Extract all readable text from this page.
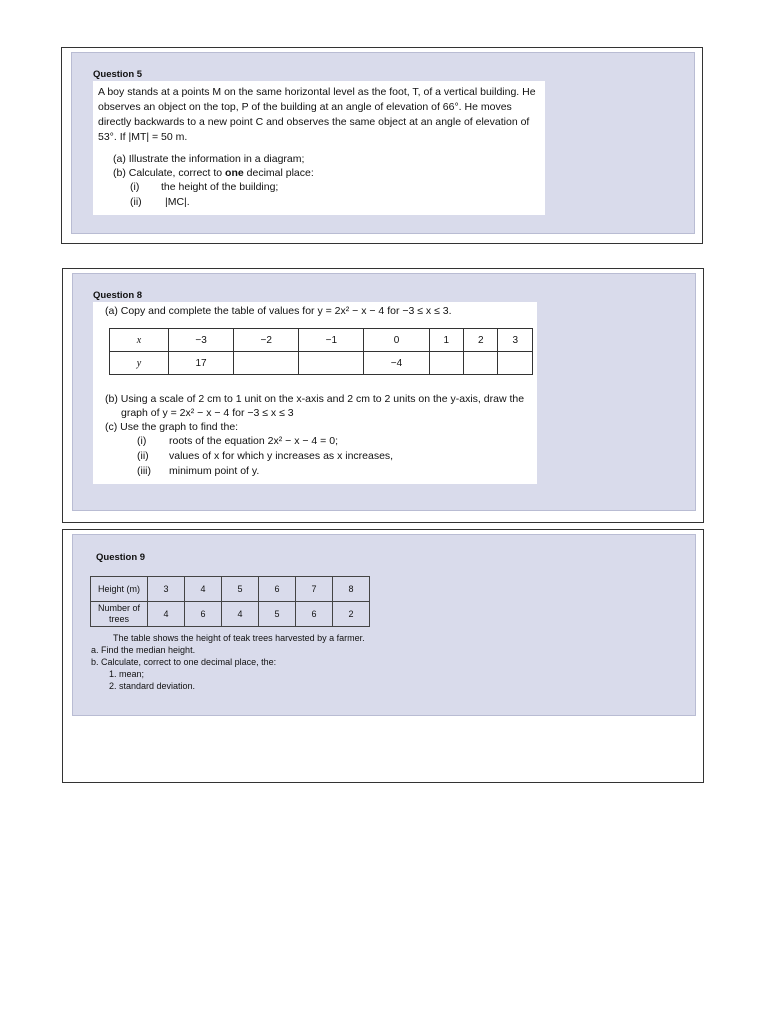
Question 5
A boy stands at a points M on the same horizontal level as the foot, T, of a vertical building. He
observes an object on the top, P of the building at an angle of elevation of 66°. He moves
directly backwards to a new point C and observes the same object at an angle of elevation of
53°. If |MT| = 50 m.
(a) Illustrate the information in a diagram;
(b) Calculate, correct to one decimal place:
(i) the height of the building;
(ii) |MC|.
Question 8
(a) Copy and complete the table of values for y = 2x² − x − 4 for −3 ≤ x ≤ 3.
x	−3	−2	−1	0	1	2	3
y	17			−4			
(b) Using a scale of 2 cm to 1 unit on the x-axis and 2 cm to 2 units on the y-axis, draw the
graph of y = 2x² − x − 4 for −3 ≤ x ≤ 3
(c) Use the graph to find the:
(i) roots of the equation 2x² − x − 4 = 0;
(ii) values of x for which y increases as x increases,
(iii) minimum point of y.
Question 9
Height (m)	3	4	5	6	7	8
Number of trees	4	6	4	5	6	2
The table shows the height of teak trees harvested by a farmer.
a. Find the median height.
b. Calculate, correct to one decimal place, the:
1. mean;
2. standard deviation.
